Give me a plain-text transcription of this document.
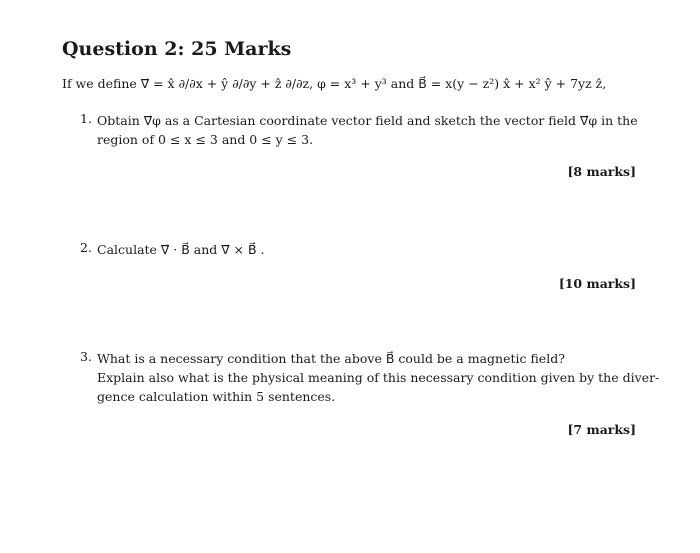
Question 2: 25 Marks
If we define ∇⃗ = x̂ ∂/∂x + ŷ ∂/∂y + ẑ ∂/∂z, φ = x³ + y³ and B⃗ = x(y − z²) x̂ + x² ŷ + 7yz ẑ,
1. Obtain ∇⃗φ as a Cartesian coordinate vector field and sketch the vector field ∇⃗φ in the
region of 0 ≤ x ≤ 3 and 0 ≤ y ≤ 3.
[8 marks]
2. Calculate ∇⃗ · B⃗ and ∇⃗ × B⃗ .
[10 marks]
3. What is a necessary condition that the above B⃗ could be a magnetic field?
Explain also what is the physical meaning of this necessary condition given by the diver-
gence calculation within 5 sentences.
[7 marks]
